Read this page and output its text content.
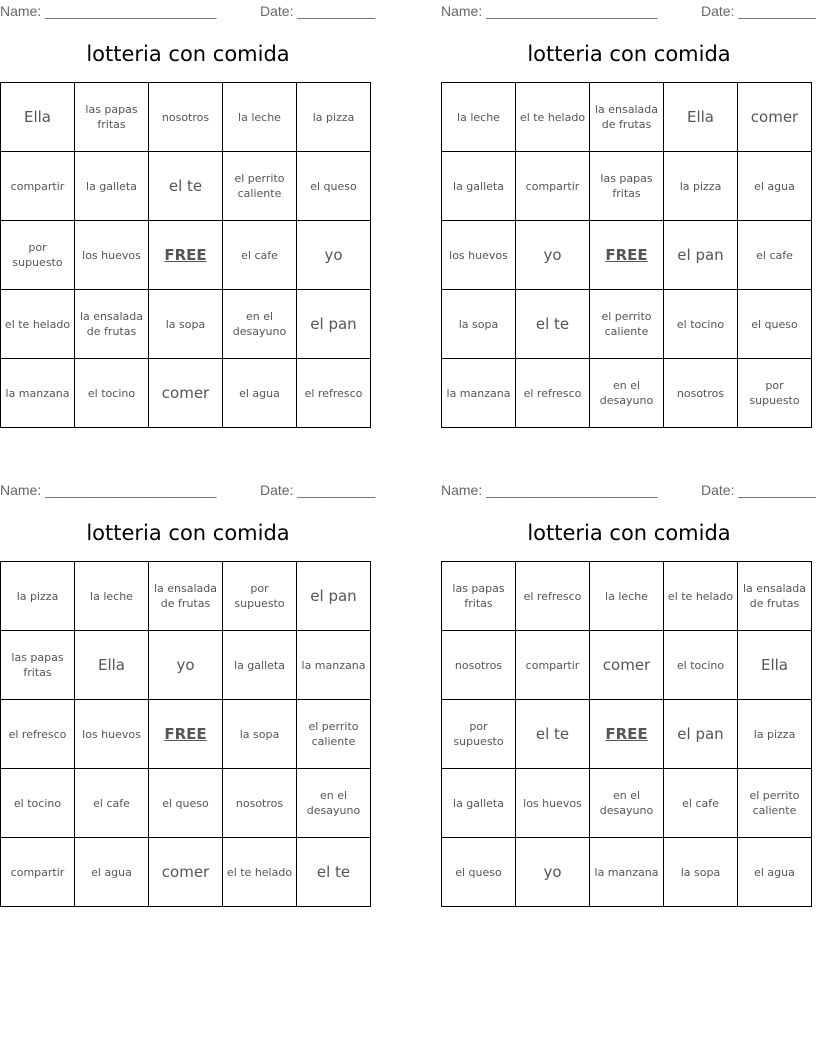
Name: ______________________	Date: __________
lotteria con comida
Ella	las papas fritas	nosotros	la leche	la pizza
compartir	la galleta	el te	el perrito caliente	el queso
por supuesto	los huevos	FREE	el cafe	yo
el te helado	la ensalada de frutas	la sopa	en el desayuno	el pan
la manzana	el tocino	comer	el agua	el refresco
Name: ______________________	Date: __________
lotteria con comida
la leche	el te helado	la ensalada de frutas	Ella	comer
la galleta	compartir	las papas fritas	la pizza	el agua
los huevos	yo	FREE	el pan	el cafe
la sopa	el te	el perrito caliente	el tocino	el queso
la manzana	el refresco	en el desayuno	nosotros	por supuesto
Name: ______________________	Date: __________
lotteria con comida
la pizza	la leche	la ensalada de frutas	por supuesto	el pan
las papas fritas	Ella	yo	la galleta	la manzana
el refresco	los huevos	FREE	la sopa	el perrito caliente
el tocino	el cafe	el queso	nosotros	en el desayuno
compartir	el agua	comer	el te helado	el te
Name: ______________________	Date: __________
lotteria con comida
las papas fritas	el refresco	la leche	el te helado	la ensalada de frutas
nosotros	compartir	comer	el tocino	Ella
por supuesto	el te	FREE	el pan	la pizza
la galleta	los huevos	en el desayuno	el cafe	el perrito caliente
el queso	yo	la manzana	la sopa	el agua
